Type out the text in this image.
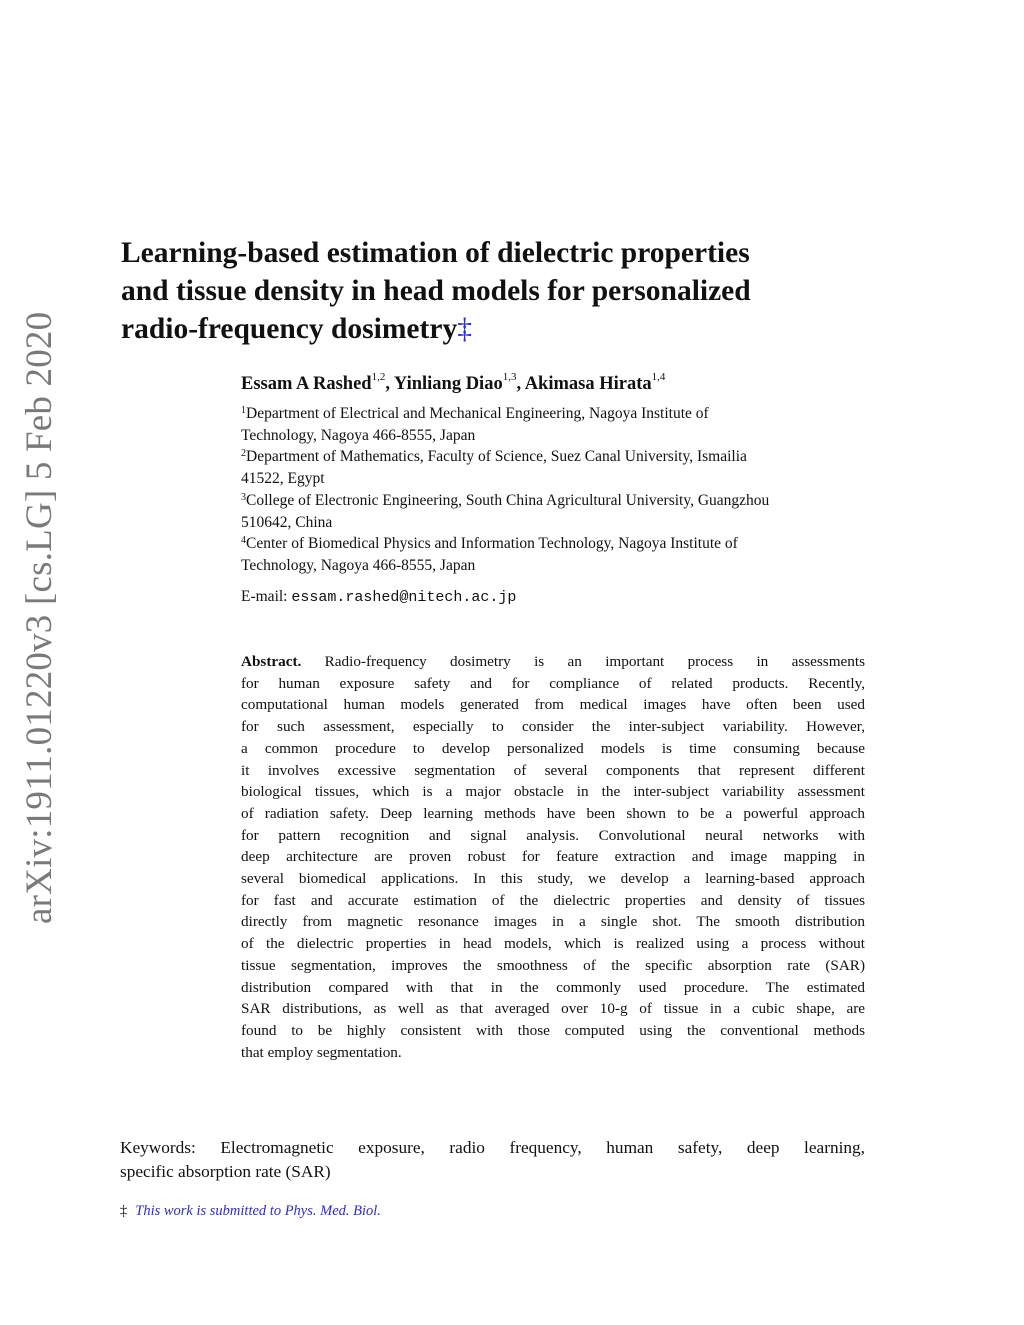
arXiv:1911.01220v3 [cs.LG] 5 Feb 2020
Learning-based estimation of dielectric properties
and tissue density in head models for personalized
radio-frequency dosimetry‡
Essam A Rashed$^{1,2}$, Yinliang Diao$^{1,3}$, Akimasa Hirata$^{1,4}$
$^1$Department of Electrical and Mechanical Engineering, Nagoya Institute of
Technology, Nagoya 466-8555, Japan
$^2$Department of Mathematics, Faculty of Science, Suez Canal University, Ismailia
41522, Egypt
$^3$College of Electronic Engineering, South China Agricultural University, Guangzhou
510642, China
$^4$Center of Biomedical Physics and Information Technology, Nagoya Institute of
Technology, Nagoya 466-8555, Japan
E-mail: essam.rashed@nitech.ac.jp
Abstract. Radio-frequency dosimetry is an important process in assessments
for human exposure safety and for compliance of related products. Recently,
computational human models generated from medical images have often been used
for such assessment, especially to consider the inter-subject variability. However,
a common procedure to develop personalized models is time consuming because
it involves excessive segmentation of several components that represent different
biological tissues, which is a major obstacle in the inter-subject variability assessment
of radiation safety. Deep learning methods have been shown to be a powerful approach
for pattern recognition and signal analysis. Convolutional neural networks with
deep architecture are proven robust for feature extraction and image mapping in
several biomedical applications. In this study, we develop a learning-based approach
for fast and accurate estimation of the dielectric properties and density of tissues
directly from magnetic resonance images in a single shot. The smooth distribution
of the dielectric properties in head models, which is realized using a process without
tissue segmentation, improves the smoothness of the specific absorption rate (SAR)
distribution compared with that in the commonly used procedure. The estimated
SAR distributions, as well as that averaged over 10-g of tissue in a cubic shape, are
found to be highly consistent with those computed using the conventional methods
that employ segmentation.
Keywords: Electromagnetic exposure, radio frequency, human safety, deep learning,
specific absorption rate (SAR)
‡ This work is submitted to Phys. Med. Biol.
